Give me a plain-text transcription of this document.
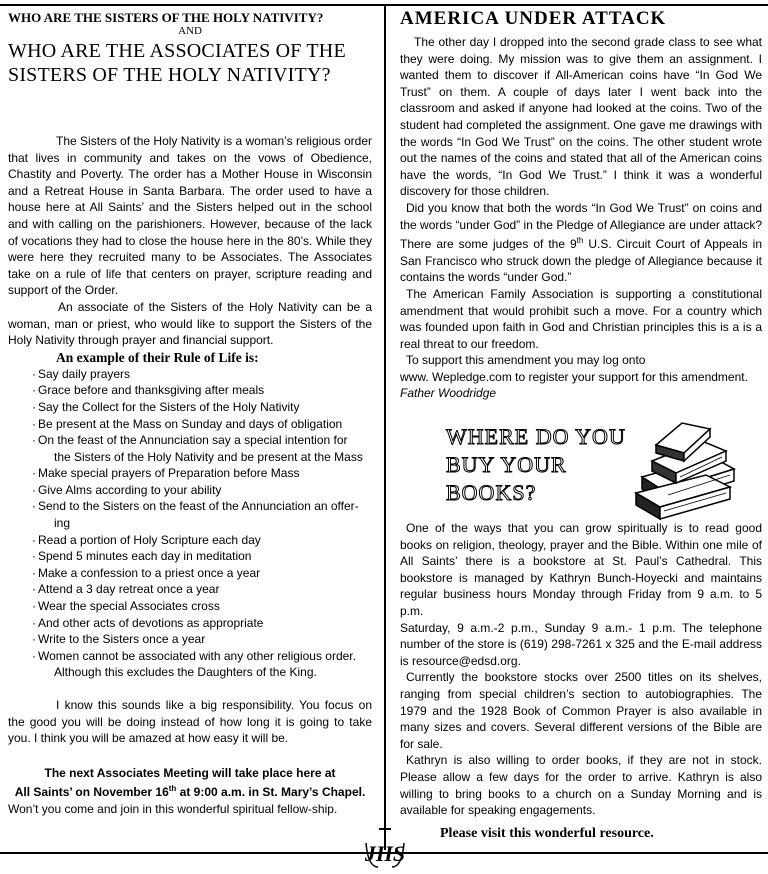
WHO ARE THE SISTERS OF THE HOLY NATIVITY?
AND
WHO ARE THE ASSOCIATES OF THE SISTERS OF THE HOLY NATIVITY?

The Sisters of the Holy Nativity is a woman’s religious order that lives in community and takes on the vows of Obedience, Chastity and Poverty. The order has a Mother House in Wisconsin and a Retreat House in Santa Barbara. The order used to have a house here at All Saints’ and the Sisters helped out in the school and with calling on the parishioners. However, because of the lack of vocations they had to close the house here in the 80’s. While they were here they recruited many to be Associates. The Associates take on a rule of life that centers on prayer, scripture reading and support of the Order.

An associate of the Sisters of the Holy Nativity can be a woman, man or priest, who would like to support the Sisters of the Holy Nativity through prayer and financial support.

An example of their Rule of Life is:
· Say daily prayers
· Grace before and thanksgiving after meals
· Say the Collect for the Sisters of the Holy Nativity
· Be present at the Mass on Sunday and days of obligation
· On the feast of the Annunciation say a special intention for
the Sisters of the Holy Nativity and be present at the Mass
· Make special prayers of Preparation before Mass
· Give Alms according to your ability
· Send to the Sisters on the feast of the Annunciation an offer-
ing
· Read a portion of Holy Scripture each day
· Spend 5 minutes each day in meditation
· Make a confession to a priest once a year
· Attend a 3 day retreat once a year
· Wear the special Associates cross
· And other acts of devotions as appropriate
· Write to the Sisters once a year
· Women cannot be associated with any other religious order.
Although this excludes the Daughters of the King.

I know this sounds like a big responsibility. You focus on the good you will be doing instead of how long it is going to take you. I think you will be amazed at how easy it will be.

The next Associates Meeting will take place here at
All Saints’ on November 16th at 9:00 a.m. in St. Mary’s Chapel.
Won’t you come and join in this wonderful spiritual fellow-ship.
AMERICA UNDER ATTACK

The other day I dropped into the second grade class to see what they were doing. My mission was to give them an assignment. I wanted them to discover if All-American coins have “In God We Trust” on them. A couple of days later I went back into the classroom and asked if anyone had looked at the coins. Two of the student had completed the assignment. One gave me drawings with the words “In God We Trust” on the coins. The other student wrote out the names of the coins and stated that all of the American coins have the words, “In God We Trust.” I think it was a wonderful discovery for those children.

Did you know that both the words “In God We Trust” on coins and the words “under God” in the Pledge of Allegiance are under attack? There are some judges of the 9th U.S. Circuit Court of Appeals in San Francisco who struck down the pledge of Allegiance because it contains the words “under God.”

The American Family Association is supporting a constitutional amendment that would prohibit such a move. For a country which was founded upon faith in God and Christian principles this is a is a real threat to our freedom.

To support this amendment you may log onto

www. Wepledge.com to register your support for this amendment.

Father Woodridge

WHERE DO YOU
BUY YOUR
BOOKS?

One of the ways that you can grow spiritually is to read good books on religion, theology, prayer and the Bible. Within one mile of All Saints’ there is a bookstore at St. Paul’s Cathedral. This bookstore is managed by Kathryn Bunch-Hoyecki and maintains regular business hours Monday through Friday from 9 a.m. to 5 p.m.

Saturday, 9 a.m.-2 p.m., Sunday 9 a.m.- 1 p.m. The telephone number of the store is (619) 298-7261 x 325 and the E-mail address is resource@edsd.org.

Currently the bookstore stocks over 2500 titles on its shelves, ranging from special children’s section to autobiographies. The 1979 and the 1928 Book of Common Prayer is also available in many sizes and covers. Several different versions of the Bible are for sale.

Kathryn is also willing to order books, if they are not in stock. Please allow a few days for the order to arrive. Kathryn is also willing to bring books to a church on a Sunday Morning and is available for speaking engagements.

Please visit this wonderful resource.
JHS
